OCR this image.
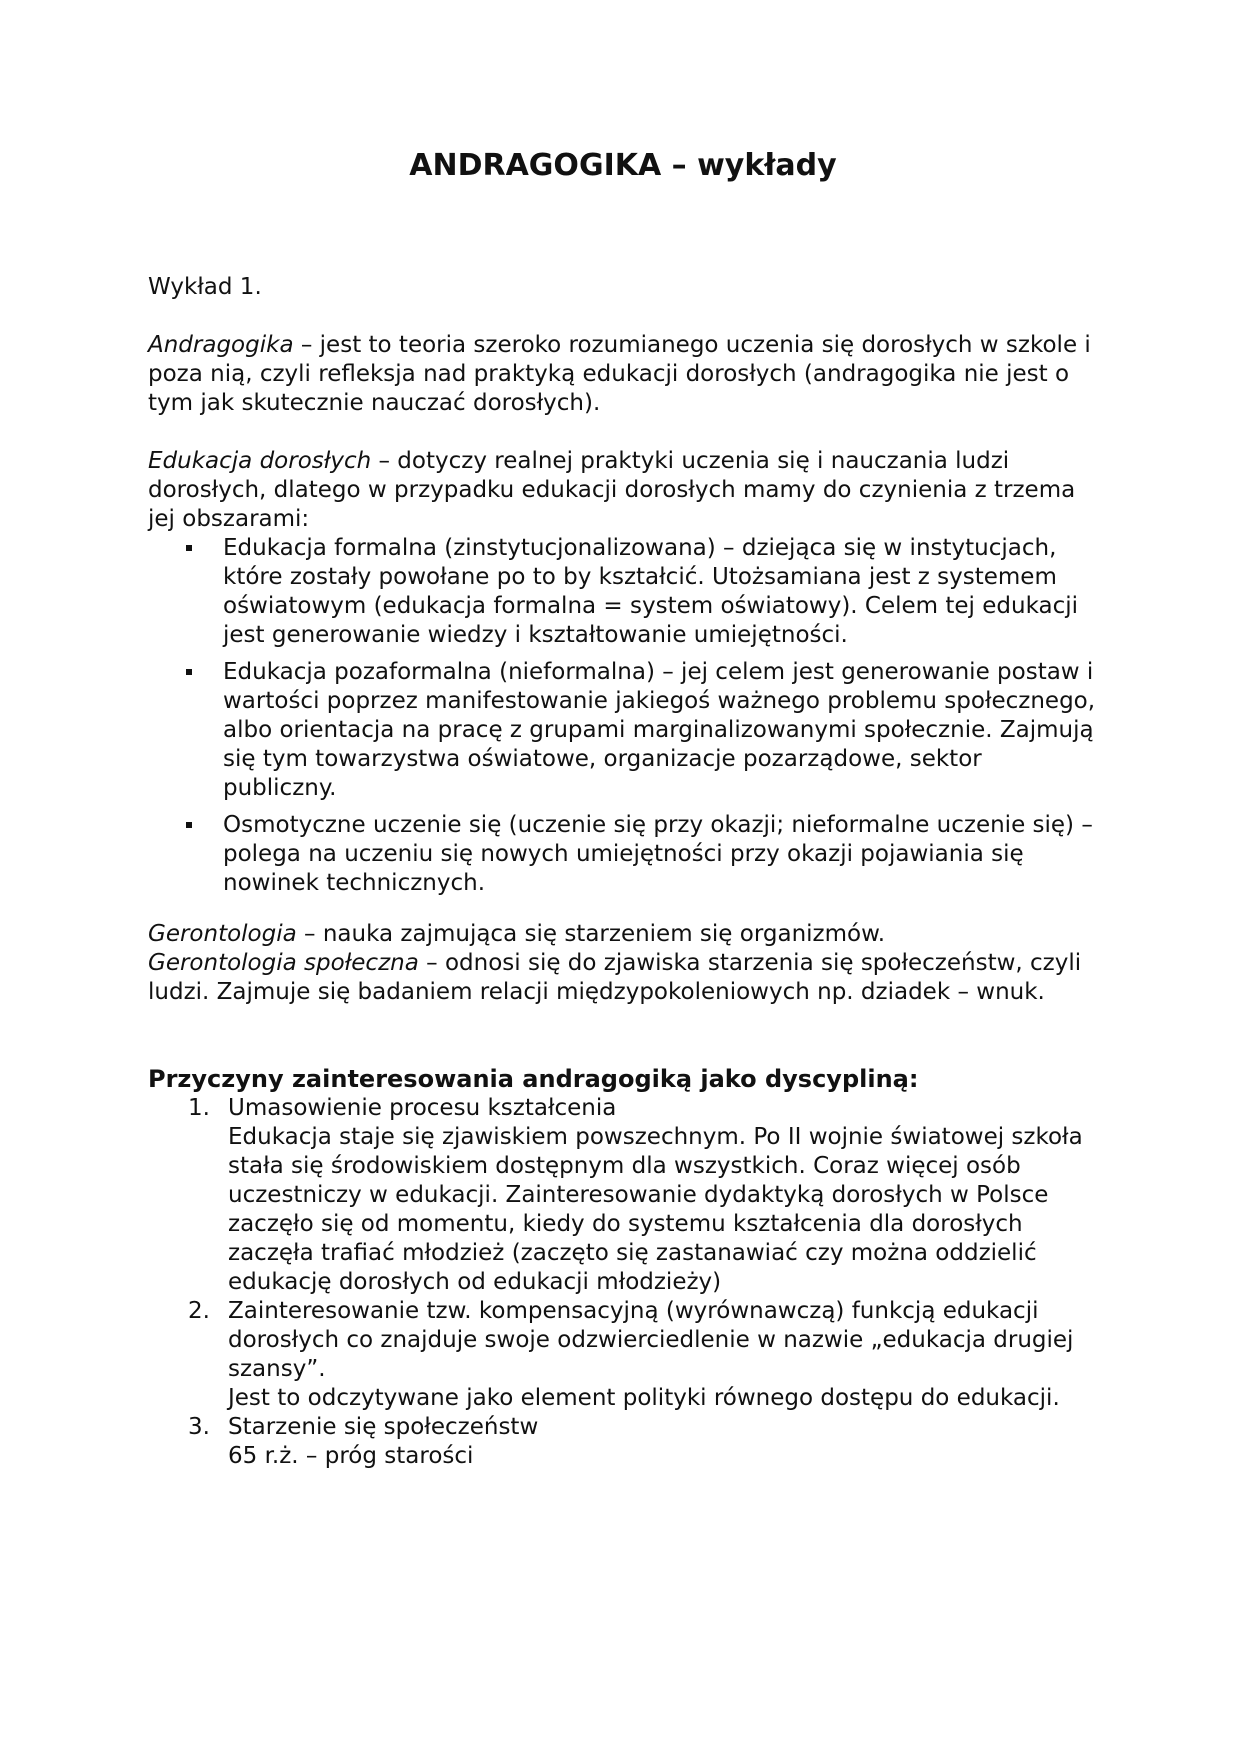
ANDRAGOGIKA – wykłady

Wykład 1.

Andragogika – jest to teoria szeroko rozumianego uczenia się dorosłych w szkole i poza nią, czyli refleksja nad praktyką edukacji dorosłych (andragogika nie jest o tym jak skutecznie nauczać dorosłych).

Edukacja dorosłych – dotyczy realnej praktyki uczenia się i nauczania ludzi dorosłych, dlatego w przypadku edukacji dorosłych mamy do czynienia z trzema jej obszarami:

Edukacja formalna (zinstytucjonalizowana) – dziejąca się w instytucjach, które zostały powołane po to by kształcić. Utożsamiana jest z systemem oświatowym (edukacja formalna = system oświatowy). Celem tej edukacji jest generowanie wiedzy i kształtowanie umiejętności.
Edukacja pozaformalna (nieformalna) – jej celem jest generowanie postaw i wartości poprzez manifestowanie jakiegoś ważnego problemu społecznego, albo orientacja na pracę z grupami marginalizowanymi społecznie. Zajmują się tym towarzystwa oświatowe, organizacje pozarządowe, sektor publiczny.
Osmotyczne uczenie się (uczenie się przy okazji; nieformalne uczenie się) – polega na uczeniu się nowych umiejętności przy okazji pojawiania się nowinek technicznych.

Gerontologia – nauka zajmująca się starzeniem się organizmów.

Gerontologia społeczna – odnosi się do zjawiska starzenia się społeczeństw, czyli ludzi. Zajmuje się badaniem relacji międzypokoleniowych np. dziadek – wnuk.

Przyczyny zainteresowania andragogiką jako dyscypliną:

1. Umasowienie procesu kształcenia

Edukacja staje się zjawiskiem powszechnym. Po II wojnie światowej szkoła stała się środowiskiem dostępnym dla wszystkich. Coraz więcej osób uczestniczy w edukacji. Zainteresowanie dydaktyką dorosłych w Polsce zaczęło się od momentu, kiedy do systemu kształcenia dla dorosłych zaczęła trafiać młodzież (zaczęto się zastanawiać czy można oddzielić edukację dorosłych od edukacji młodzieży)

2. Zainteresowanie tzw. kompensacyjną (wyrównawczą) funkcją edukacji dorosłych co znajduje swoje odzwierciedlenie w nazwie „edukacja drugiej szansy”.

Jest to odczytywane jako element polityki równego dostępu do edukacji.

3. Starzenie się społeczeństw

65 r.ż. – próg starości
